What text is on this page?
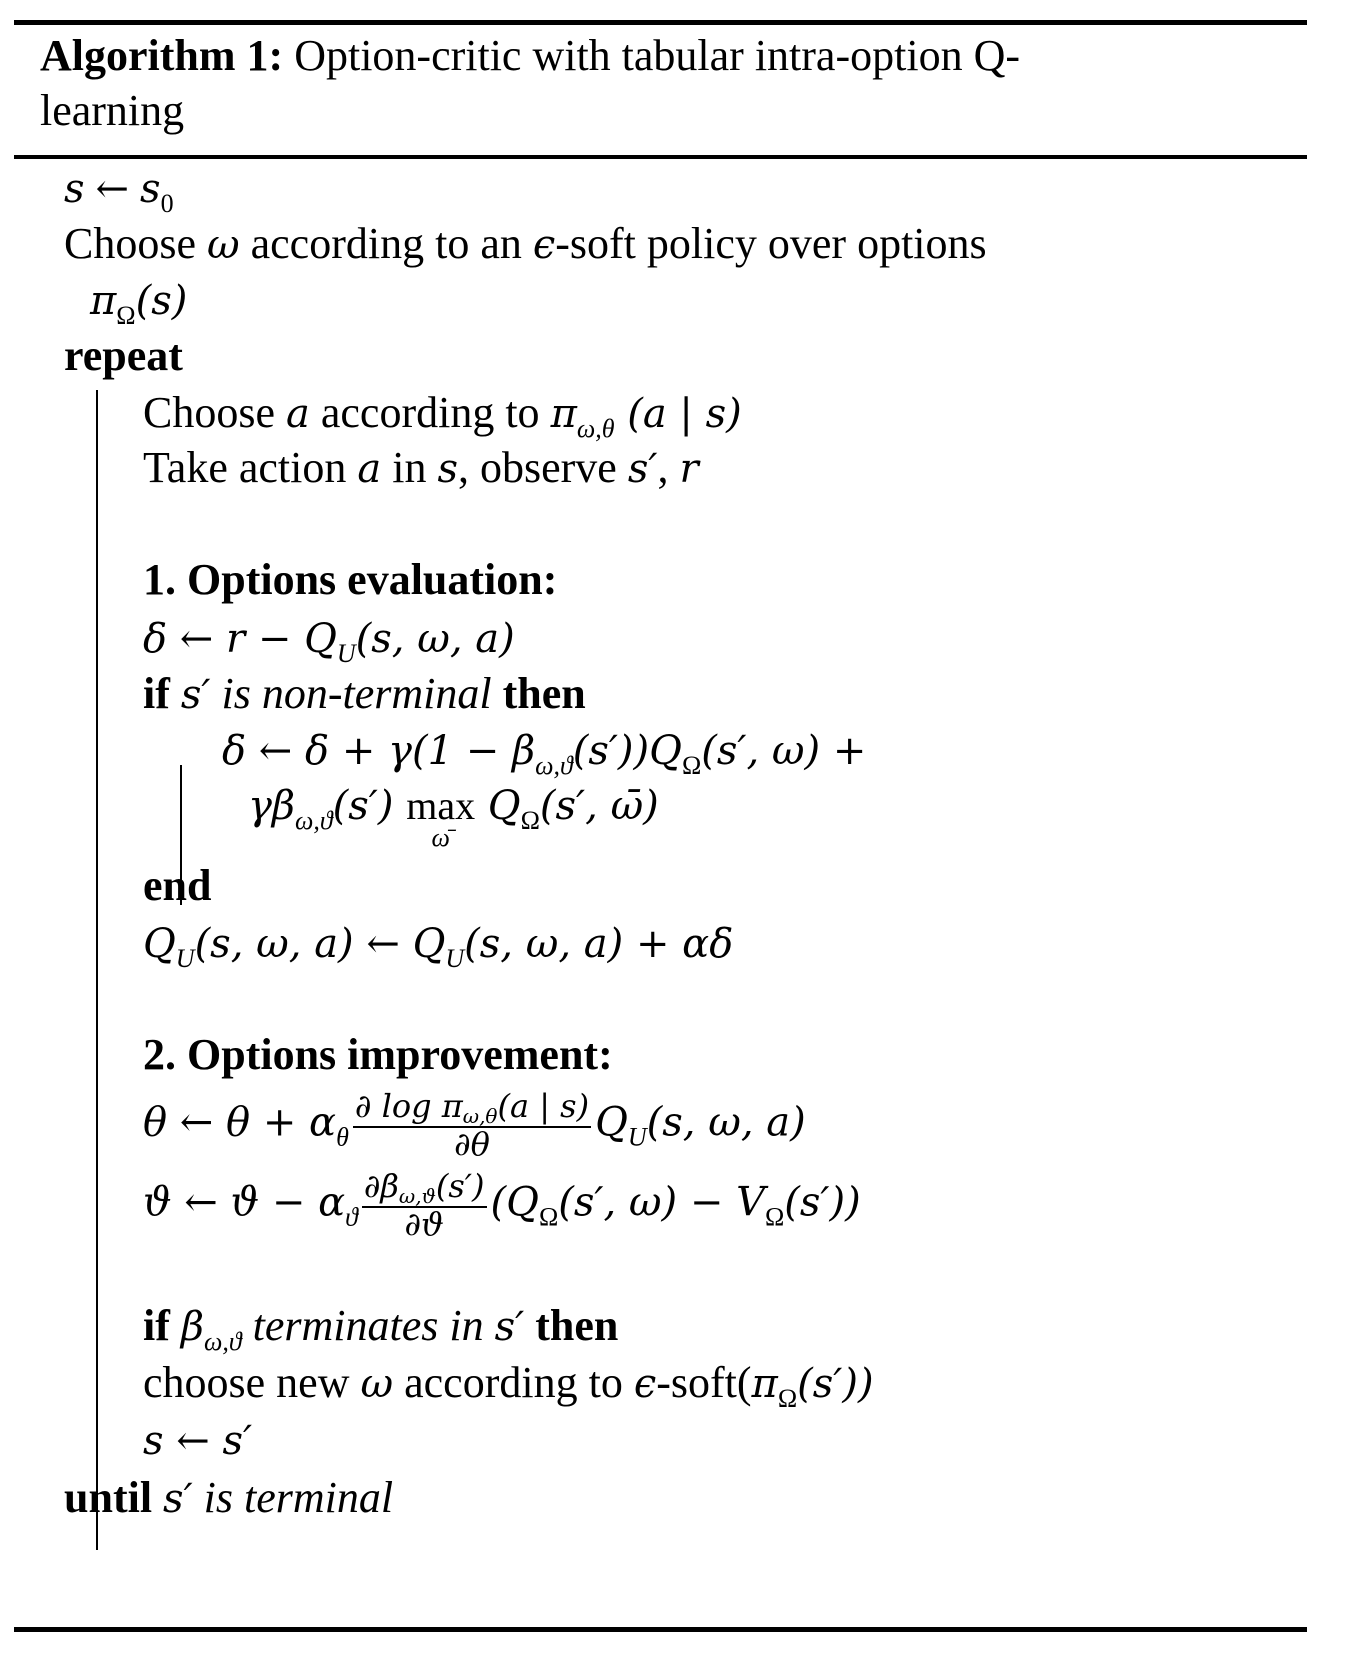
Algorithm 1: Option-critic with tabular intra-option Q-
learning
s ← $s_0$
Choose ω according to an ϵ-soft policy over options
$\pi_\Omega(s)$
repeat
Choose a according to $\pi_{\omega,\theta}$ (a | s)
Take action a in s, observe s′, r
1. Options evaluation:
δ ← $r - Q_U(s$, ω, a)
if s′ is non-terminal then
δ ← $\delta + \gamma(1 - \beta_{\omega,ϑ}(s'))Q_\Omega(s'$, ω) +
$\gamma\beta_{\omega,ϑ}(s')$ max
ω̄
$Q_\Omega(s'$, ω̄)
end
$Q_U(s$, ω, a) ← $Q_U(s$, ω, a) + αδ
2. Options improvement:
θ ← $\theta + \alpha_\theta \frac{\partial \log \pi_{\omega,\theta}(a | s)}{\partial\theta} Q_U(s$, ω, a)
ϑ ← $ϑ - \alpha_ϑ \frac{\partial\beta_{\omega,ϑ}(s')}{\partial ϑ} (Q_\Omega(s'$, $\omega) - V_\Omega(s')$)
if $\beta_{\omega,ϑ}$ terminates in s′ then
choose new ω according to $\epsilon-soft(\pi_\Omega(s'))$
s ← s′
until s′ is terminal
